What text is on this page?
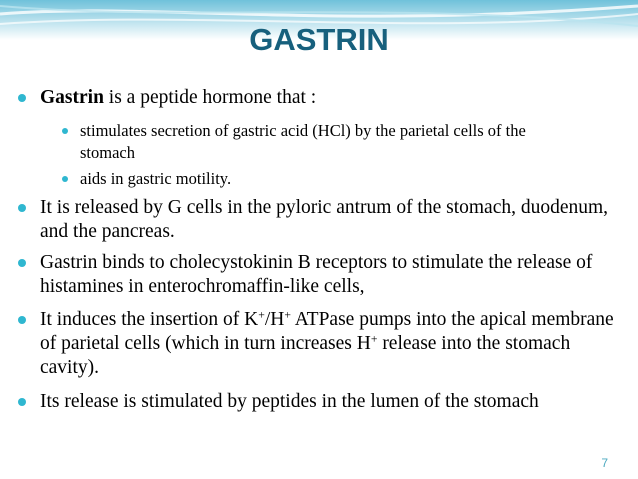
GASTRIN
Gastrin is a peptide hormone that :
stimulates secretion of gastric acid (HCl) by the parietal cells of the stomach
aids in gastric motility.
It is released by G cells in the pyloric antrum of the stomach, duodenum, and the pancreas.
Gastrin binds to cholecystokinin B receptors to stimulate the release of histamines in enterochromaffin-like cells,
It induces the insertion of K+/H+ ATPase pumps into the apical membrane of parietal cells (which in turn increases H+ release into the stomach cavity).
Its release is stimulated by peptides in the lumen of the stomach
7
